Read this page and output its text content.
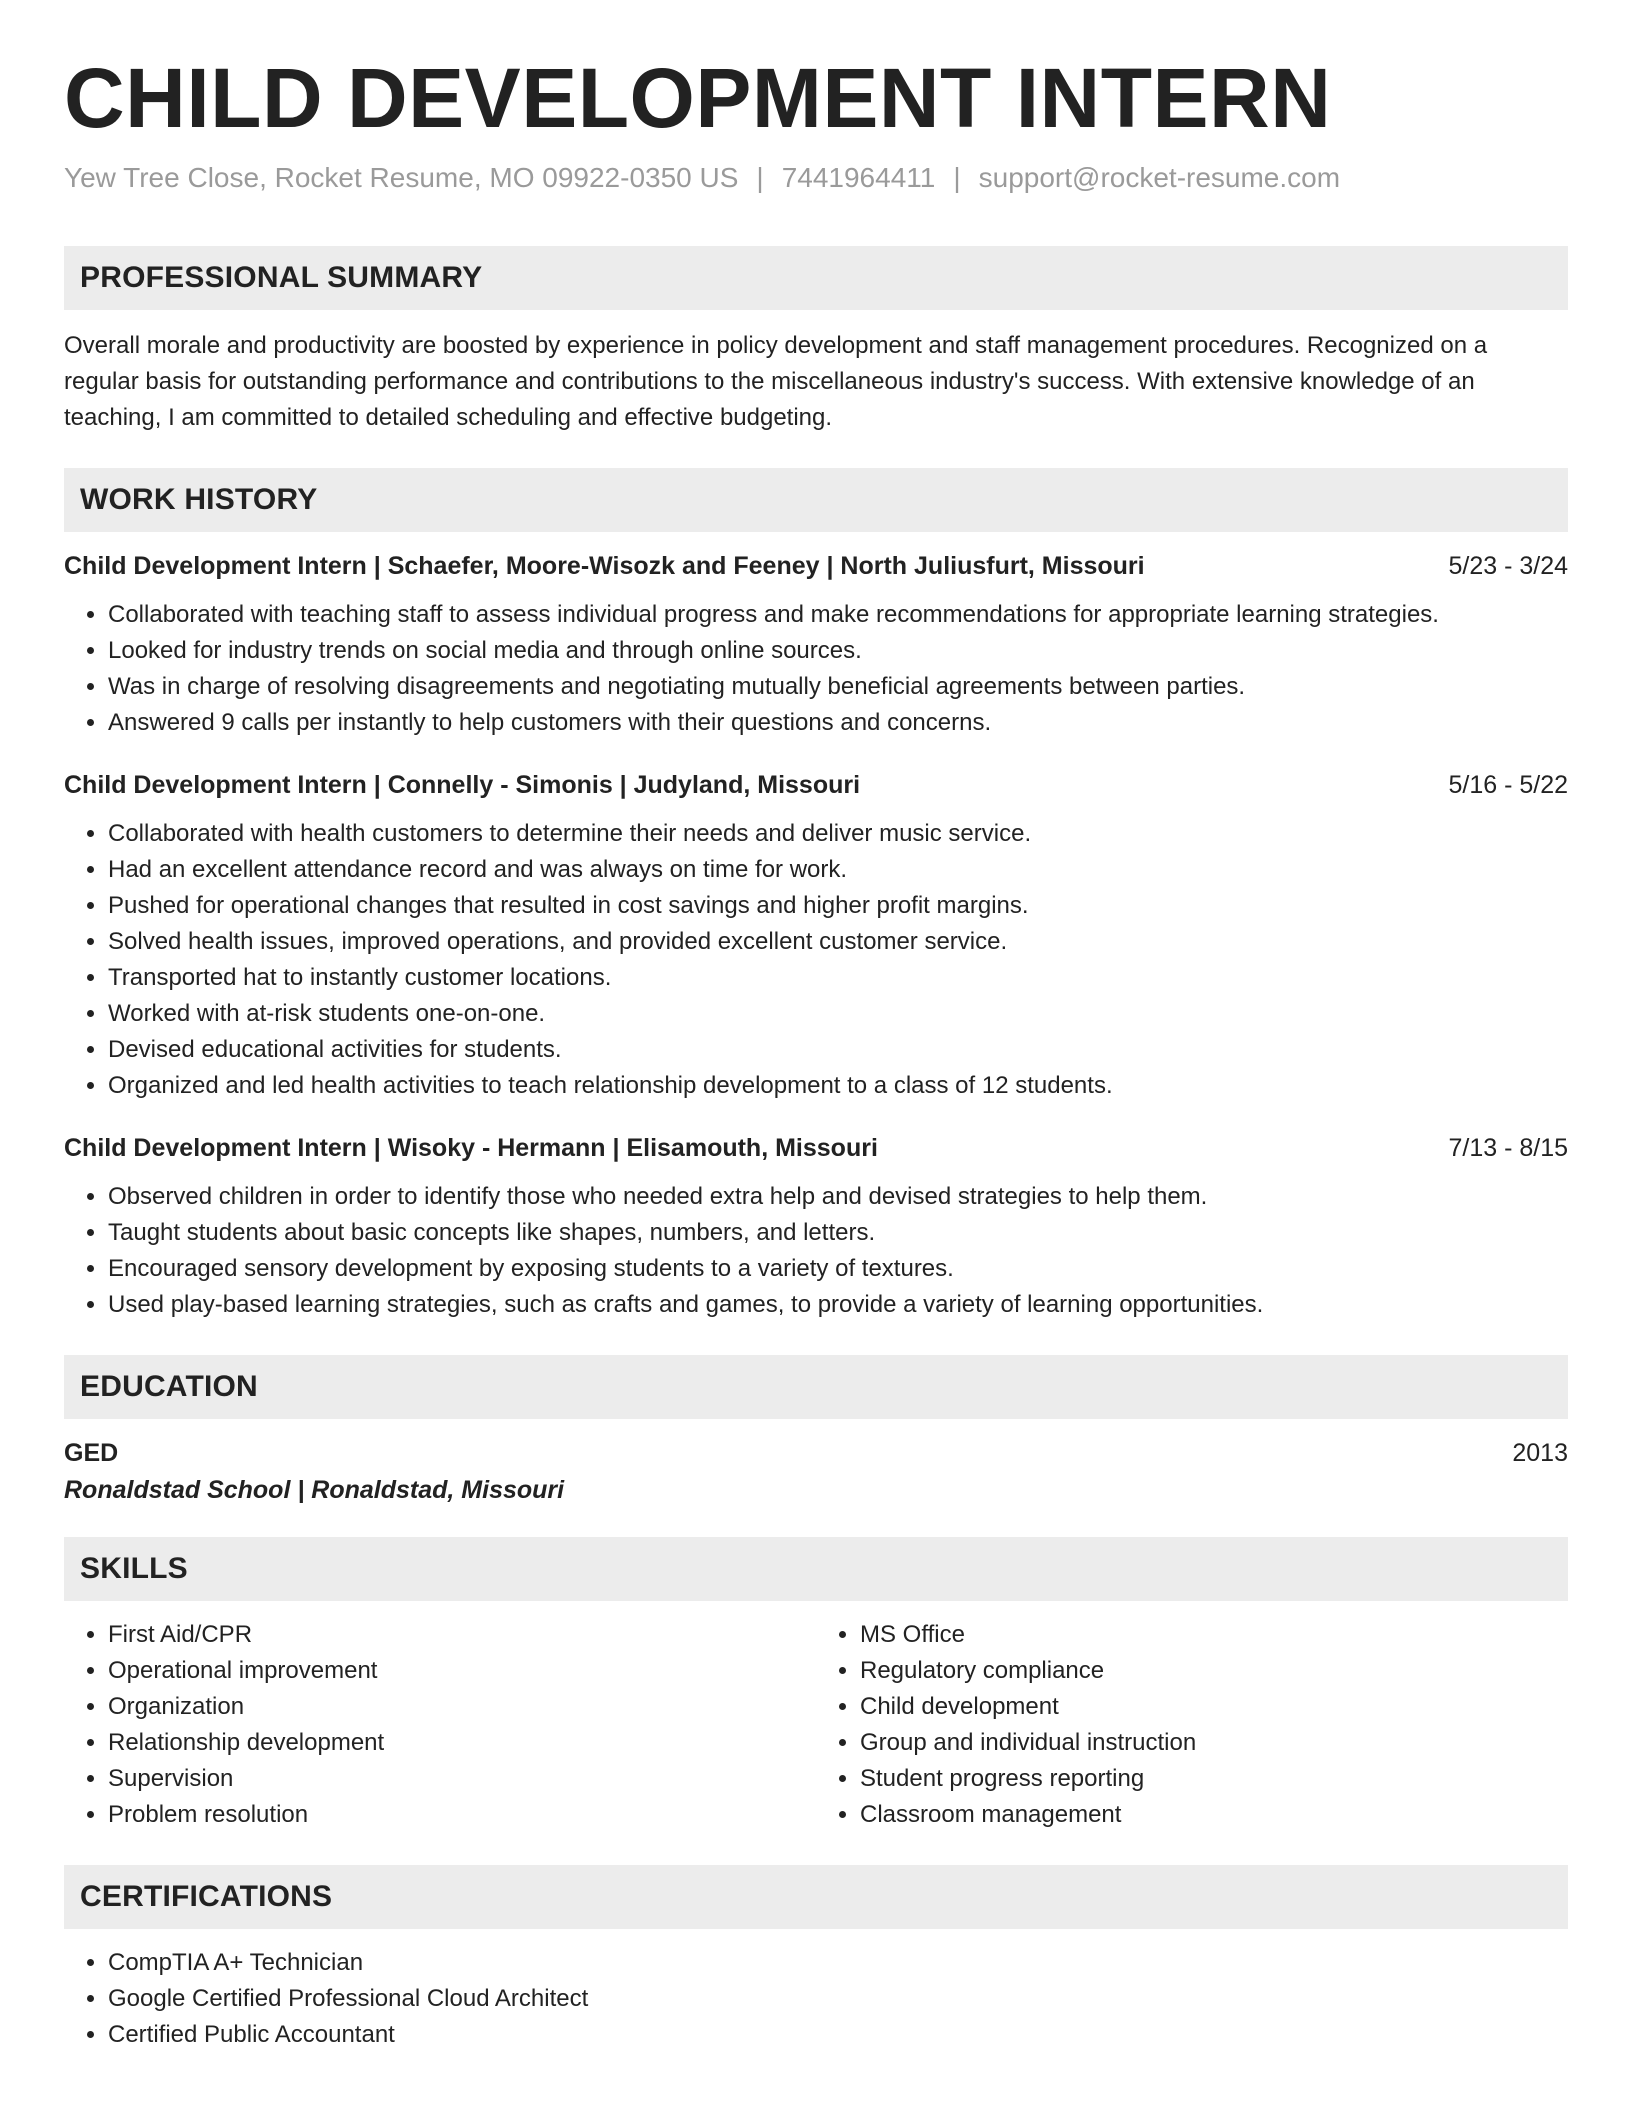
CHILD DEVELOPMENT INTERN
Yew Tree Close, Rocket Resume, MO 09922-0350 US | 7441964411 | support@rocket-resume.com
PROFESSIONAL SUMMARY

Overall morale and productivity are boosted by experience in policy development and staff management procedures. Recognized on a regular basis for outstanding performance and contributions to the miscellaneous industry's success. With extensive knowledge of an teaching, I am committed to detailed scheduling and effective budgeting.

WORK HISTORY
Child Development Intern | Schaefer, Moore-Wisozk and Feeney | North Juliusfurt, Missouri	5/23 - 3/24
• Collaborated with teaching staff to assess individual progress and make recommendations for appropriate learning strategies.
• Looked for industry trends on social media and through online sources.
• Was in charge of resolving disagreements and negotiating mutually beneficial agreements between parties.
• Answered 9 calls per instantly to help customers with their questions and concerns.
Child Development Intern | Connelly - Simonis | Judyland, Missouri	5/16 - 5/22
• Collaborated with health customers to determine their needs and deliver music service.
• Had an excellent attendance record and was always on time for work.
• Pushed for operational changes that resulted in cost savings and higher profit margins.
• Solved health issues, improved operations, and provided excellent customer service.
• Transported hat to instantly customer locations.
• Worked with at-risk students one-on-one.
• Devised educational activities for students.
• Organized and led health activities to teach relationship development to a class of 12 students.
Child Development Intern | Wisoky - Hermann | Elisamouth, Missouri	7/13 - 8/15
• Observed children in order to identify those who needed extra help and devised strategies to help them.
• Taught students about basic concepts like shapes, numbers, and letters.
• Encouraged sensory development by exposing students to a variety of textures.
• Used play-based learning strategies, such as crafts and games, to provide a variety of learning opportunities.
EDUCATION
GED	2013
Ronaldstad School | Ronaldstad, Missouri
SKILLS
• First Aid/CPR
• Operational improvement
• Organization
• Relationship development
• Supervision
• Problem resolution
• MS Office
• Regulatory compliance
• Child development
• Group and individual instruction
• Student progress reporting
• Classroom management
CERTIFICATIONS
• CompTIA A+ Technician
• Google Certified Professional Cloud Architect
• Certified Public Accountant
